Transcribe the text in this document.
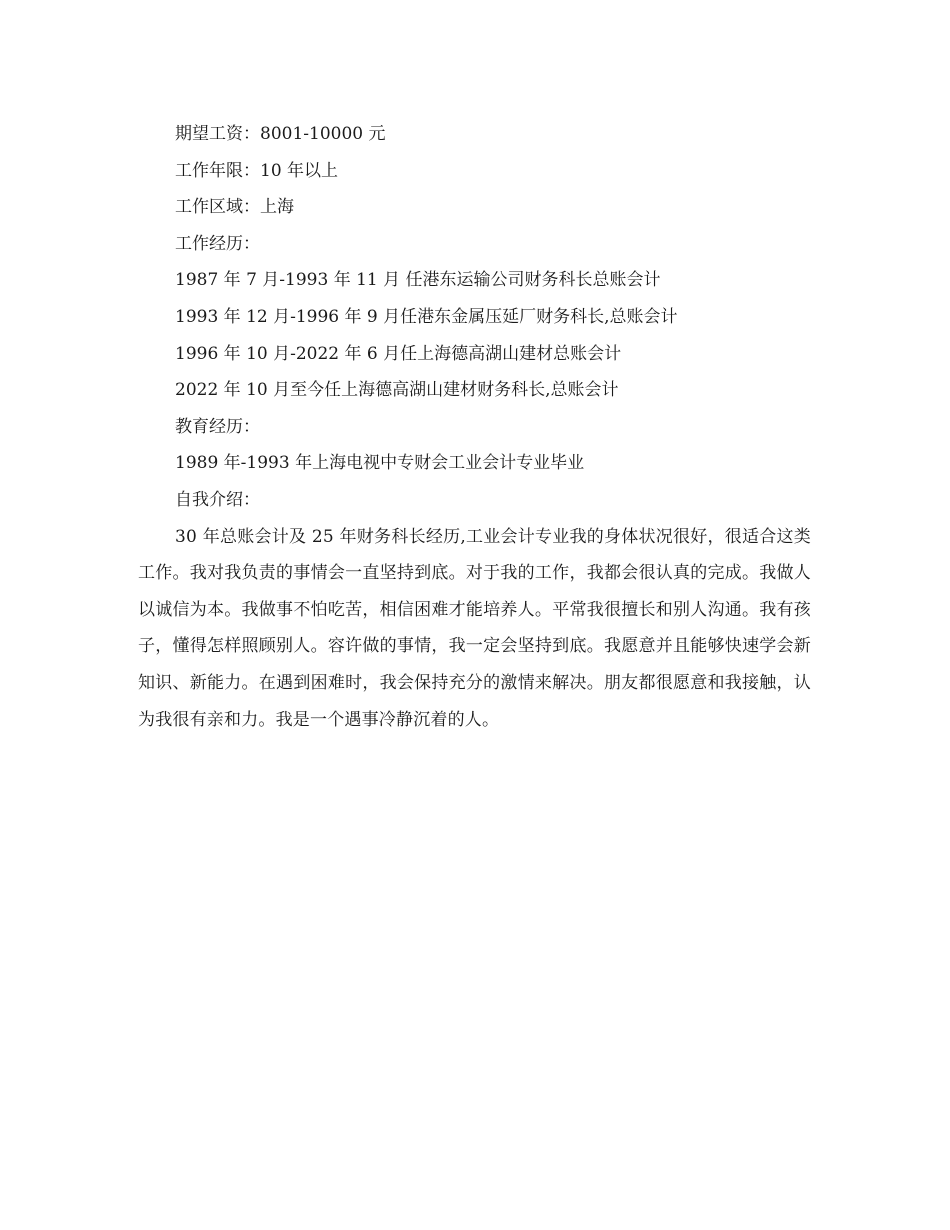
期望工资：8001-10000 元
工作年限：10 年以上
工作区域：上海
工作经历：
1987 年 7 月-1993 年 11 月 任港东运输公司财务科长总账会计
1993 年 12 月-1996 年 9 月任港东金属压延厂财务科长,总账会计
1996 年 10 月-2022 年 6 月任上海德高湖山建材总账会计
2022 年 10 月至今任上海德高湖山建材财务科长,总账会计
教育经历：
1989 年-1993 年上海电视中专财会工业会计专业毕业
自我介绍：
30 年总账会计及 25 年财务科长经历,工业会计专业我的身体状况很好，很适合这类工作。我对我负责的事情会一直坚持到底。对于我的工作，我都会很认真的完成。我做人以诚信为本。我做事不怕吃苦，相信困难才能培养人。平常我很擅长和别人沟通。我有孩子，懂得怎样照顾别人。容许做的事情，我一定会坚持到底。我愿意并且能够快速学会新知识、新能力。在遇到困难时，我会保持充分的激情来解决。朋友都很愿意和我接触，认为我很有亲和力。我是一个遇事冷静沉着的人。
